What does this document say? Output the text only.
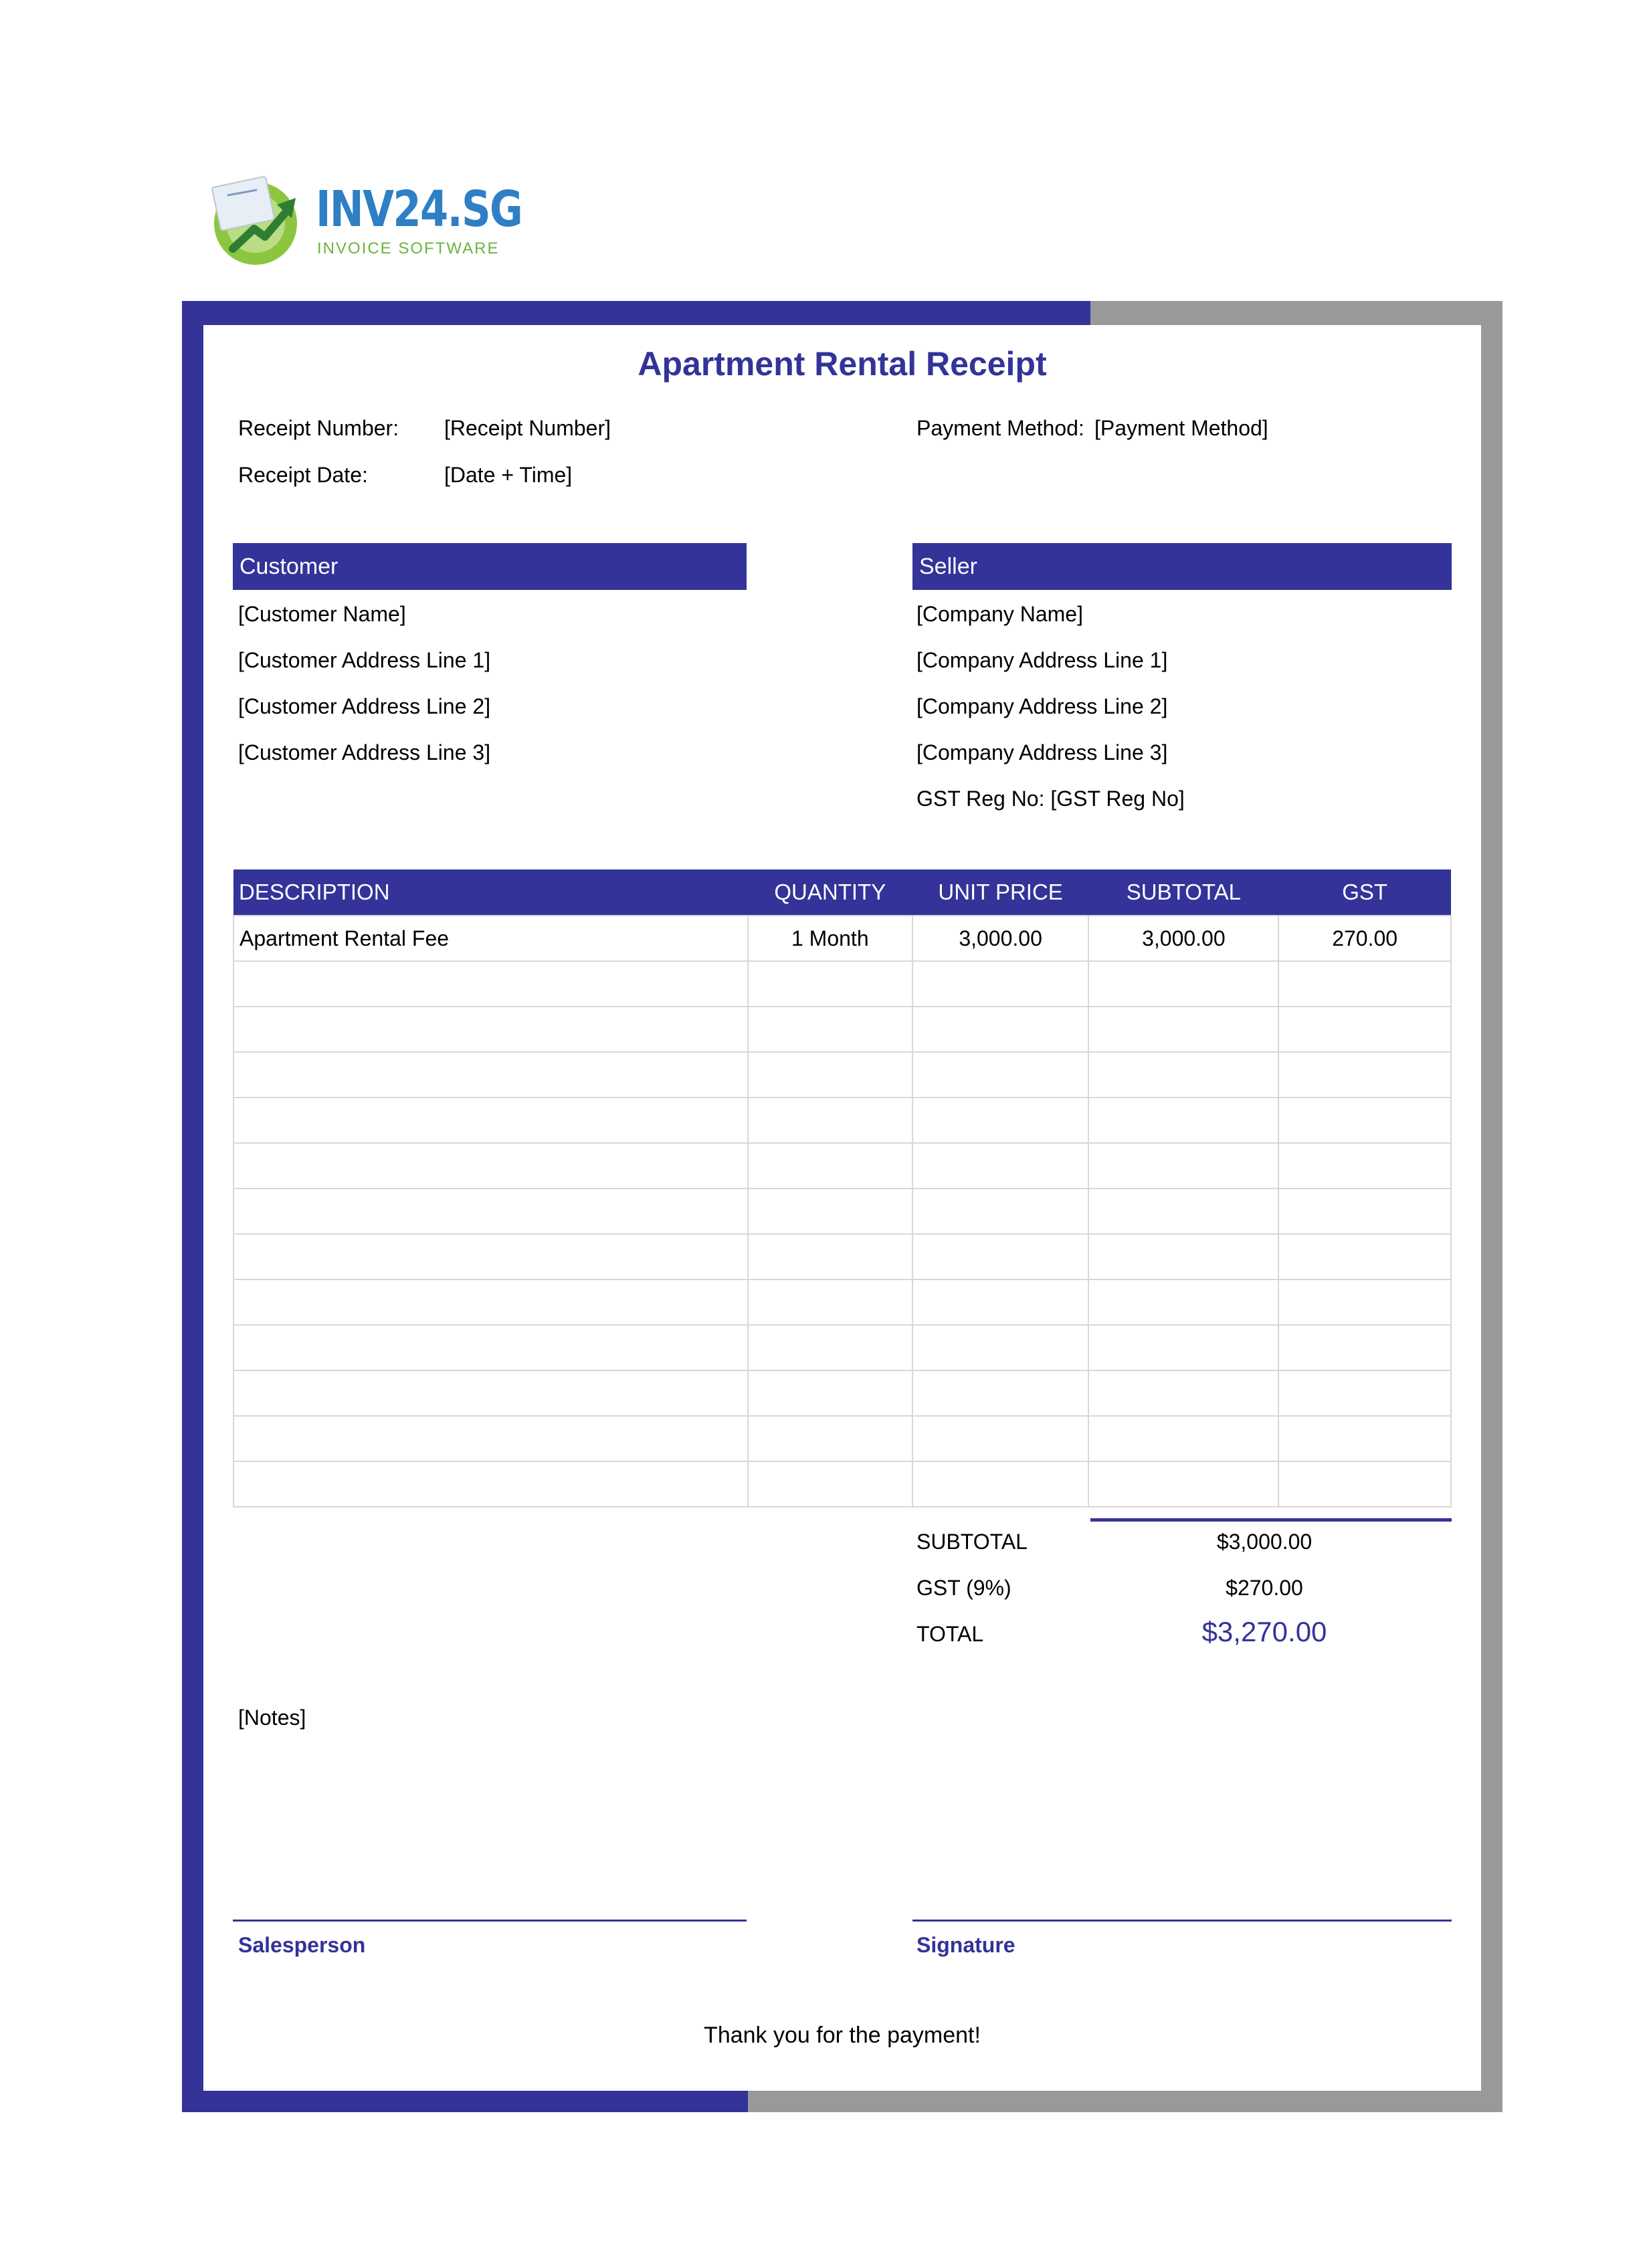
INV24.SG
INVOICE SOFTWARE
Apartment Rental Receipt
Receipt Number: [Receipt Number]
Receipt Date:	[Date + Time]
Payment Method: [Payment Method]
Customer
[Customer Name]
[Customer Address Line 1]
[Customer Address Line 2]
[Customer Address Line 3]
Seller
[Company Name]
[Company Address Line 1]
[Company Address Line 2]
[Company Address Line 3]
GST Reg No: [GST Reg No]
DESCRIPTION	QUANTITY	UNIT PRICE	SUBTOTAL	GST
Apartment Rental Fee	1 Month	3,000.00	3,000.00	270.00

SUBTOTAL	$3,000.00
GST (9%)	$270.00
TOTAL	$3,270.00
[Notes]
Salesperson	Signature
Thank you for the payment!
